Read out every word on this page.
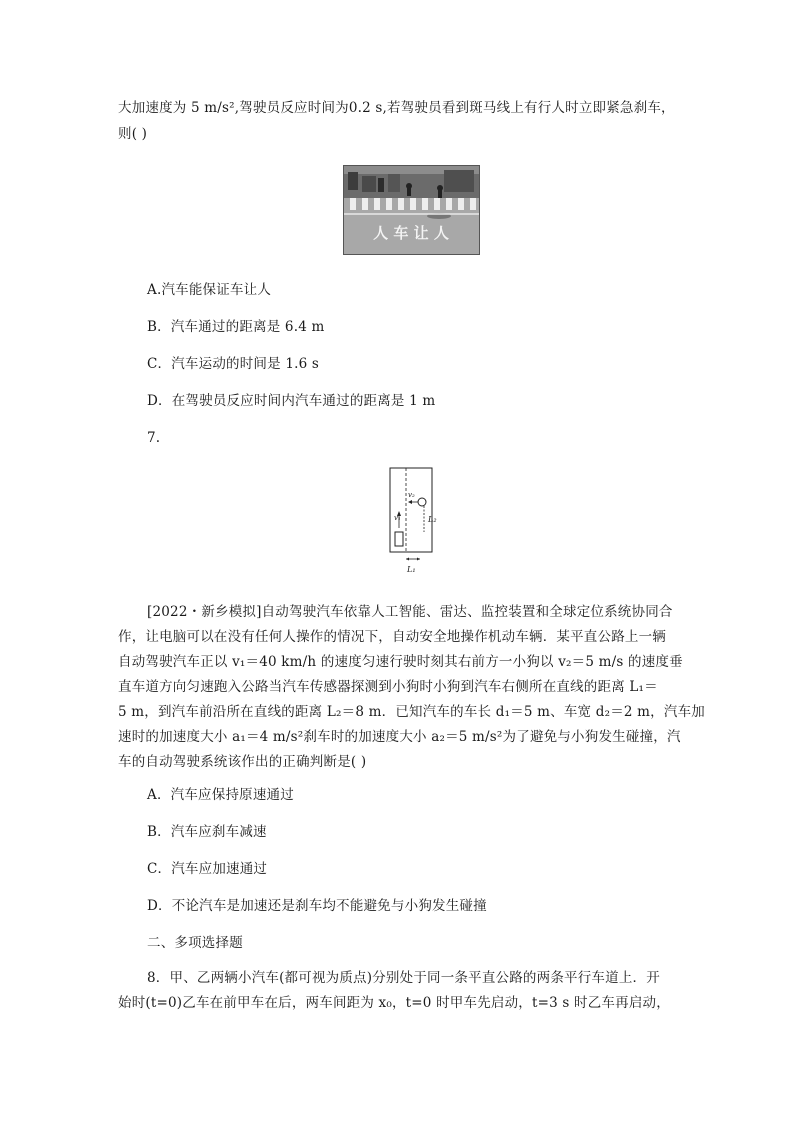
大加速度为 5 m/s²,驾驶员反应时间为0.2 s,若驾驶员看到斑马线上有行人时立即紧急刹车，
则( )
人 车 让 人
A.汽车能保证车让人
B．汽车通过的距离是 6.4 m
C．汽车运动的时间是 1.6 s
D．在驾驶员反应时间内汽车通过的距离是 1 m
7.
v₁
v₂
L₂
L₁
[2022・新乡模拟]自动驾驶汽车依靠人工智能、雷达、监控装置和全球定位系统协同合
作，让电脑可以在没有任何人操作的情况下，自动安全地操作机动车辆．某平直公路上一辆
自动驾驶汽车正以 v₁＝40 km/h 的速度匀速行驶时刻其右前方一小狗以 v₂＝5 m/s 的速度垂
直车道方向匀速跑入公路当汽车传感器探测到小狗时小狗到汽车右侧所在直线的距离 L₁＝
5 m，到汽车前沿所在直线的距离 L₂＝8 m．已知汽车的车长 d₁＝5 m、车宽 d₂＝2 m，汽车加
速时的加速度大小 a₁＝4 m/s²刹车时的加速度大小 a₂＝5 m/s²为了避免与小狗发生碰撞，汽
车的自动驾驶系统该作出的正确判断是( )
A．汽车应保持原速通过
B．汽车应刹车减速
C．汽车应加速通过
D．不论汽车是加速还是刹车均不能避免与小狗发生碰撞
二、多项选择题
8．甲、乙两辆小汽车(都可视为质点)分别处于同一条平直公路的两条平行车道上．开
始时(t=0)乙车在前甲车在后，两车间距为 x₀，t=0 时甲车先启动，t=3 s 时乙车再启动，
